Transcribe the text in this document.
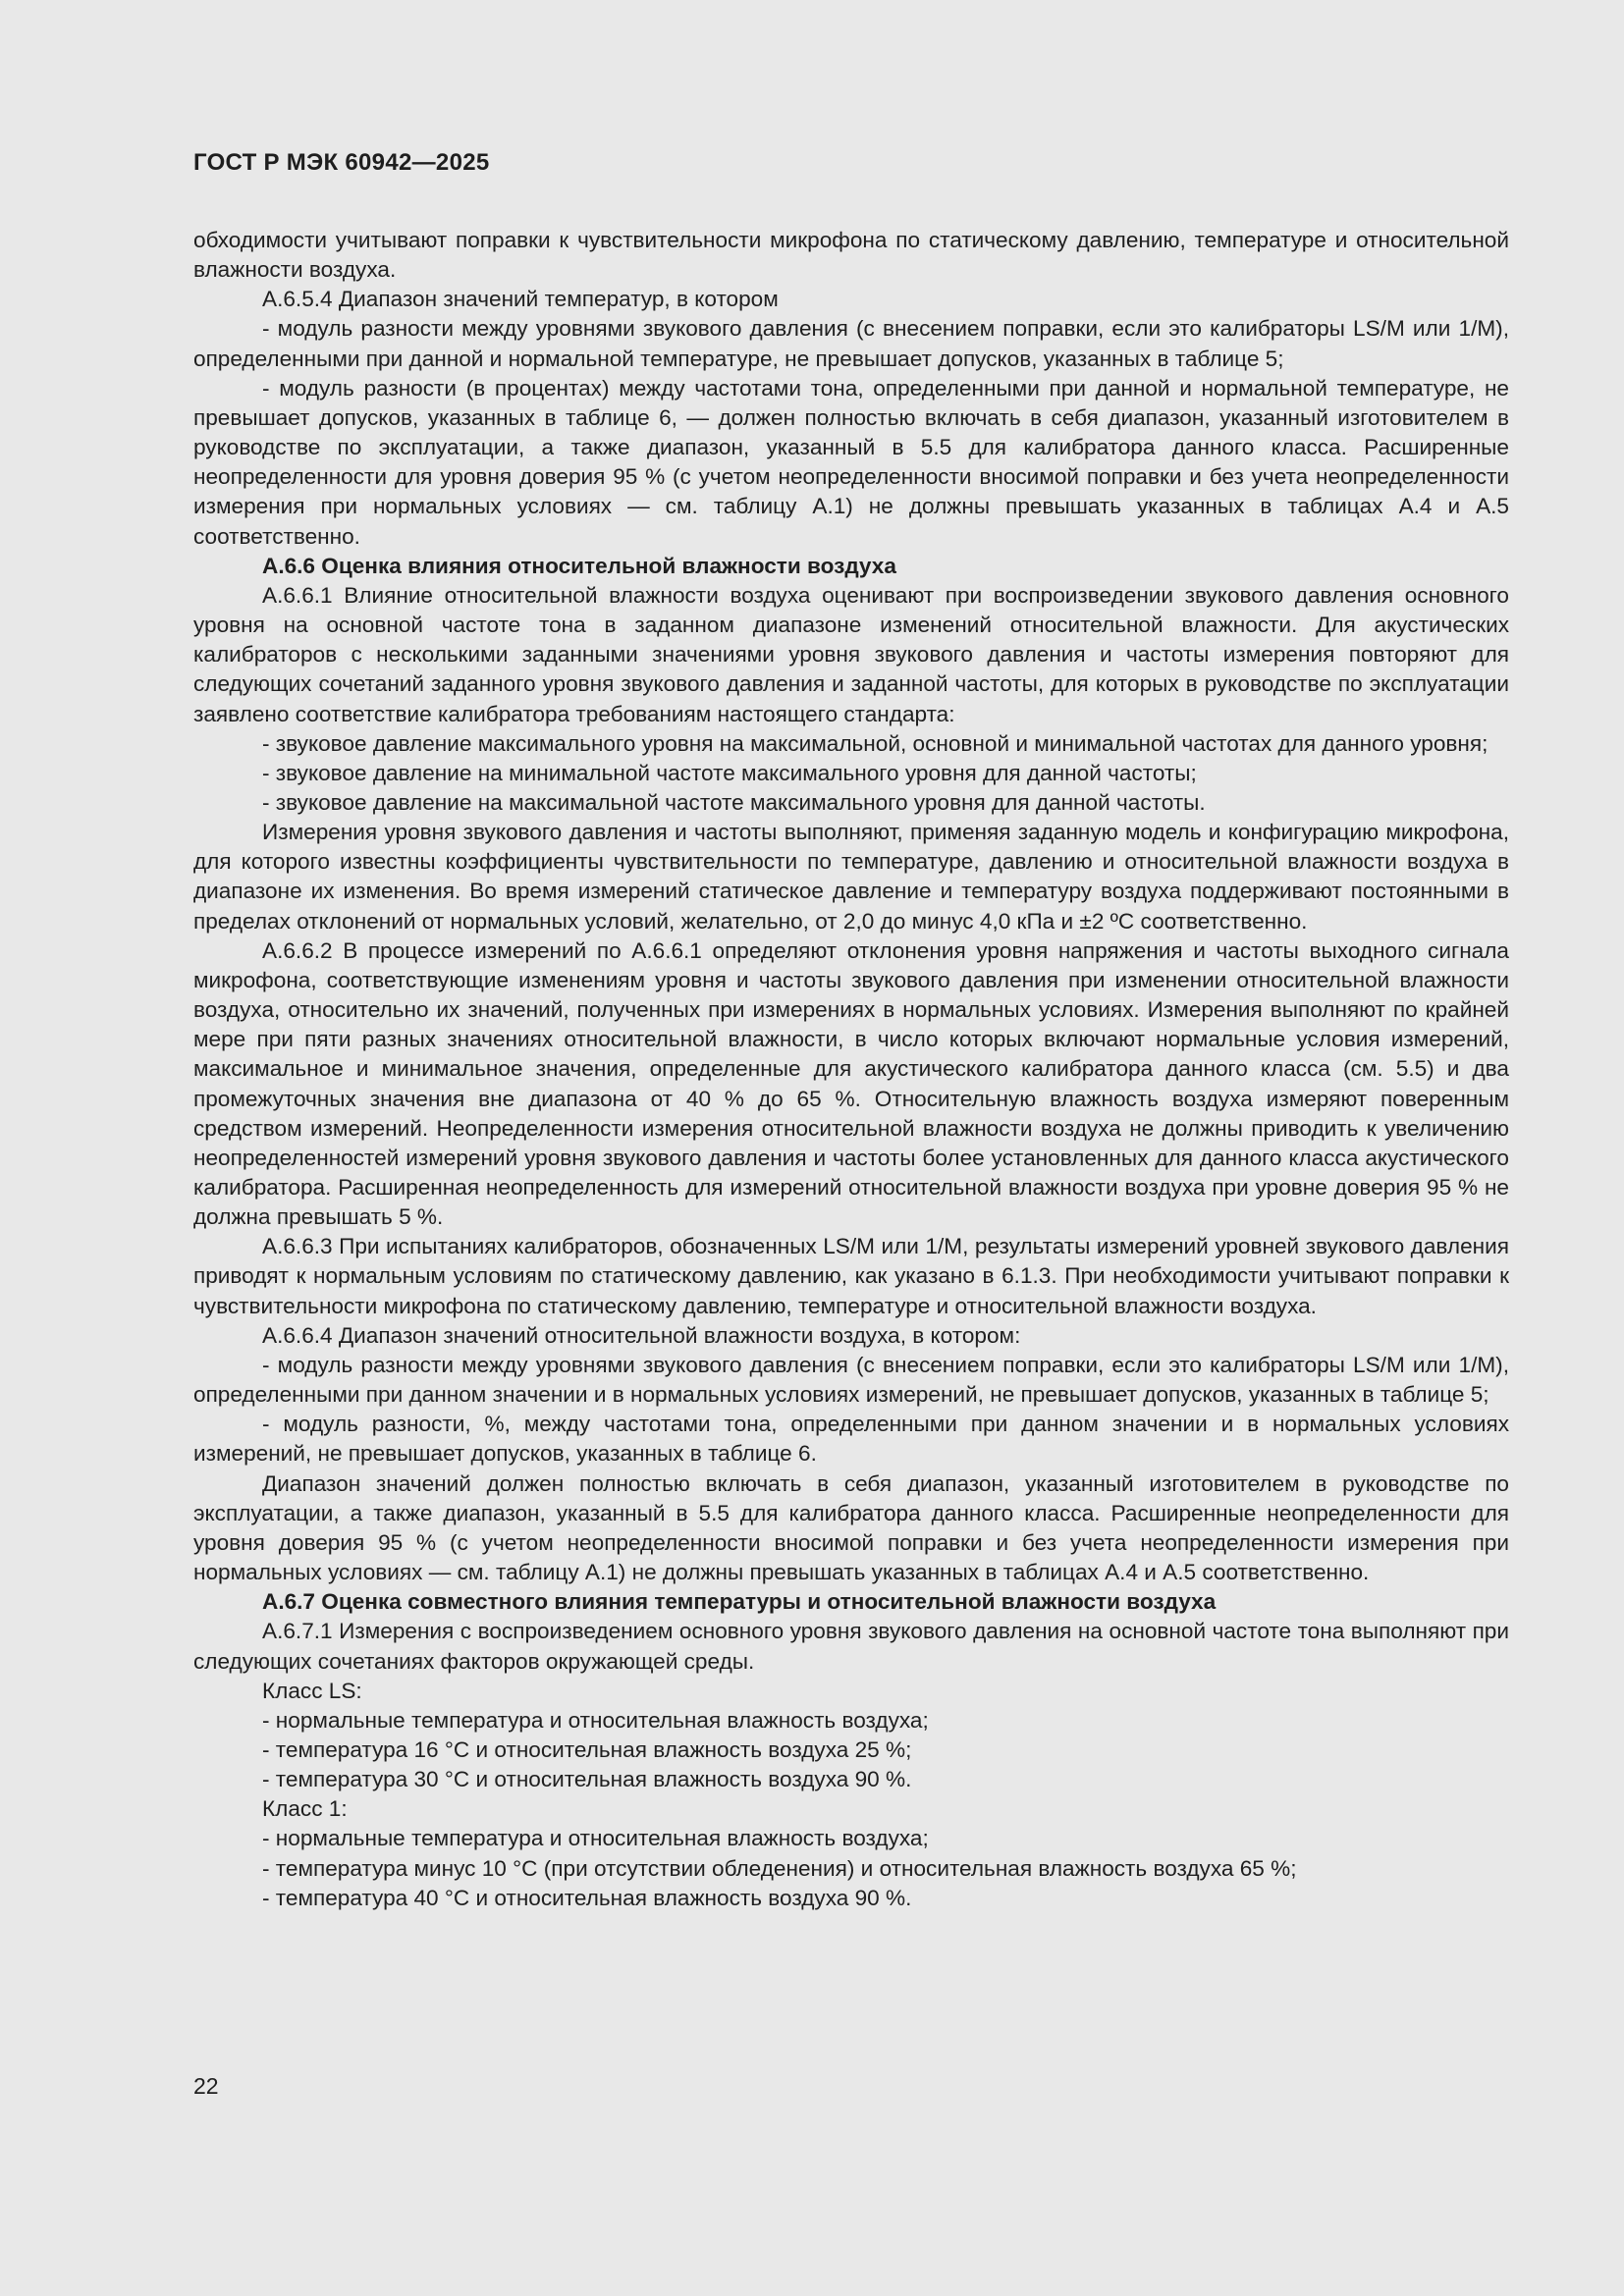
ГОСТ Р МЭК 60942—2025

обходимости учитывают поправки к чувствительности микрофона по статическому давлению, температуре и относительной влажности воздуха.

А.6.5.4 Диапазон значений температур, в котором

- модуль разности между уровнями звукового давления (с внесением поправки, если это калибраторы LS/M или 1/M), определенными при данной и нормальной температуре, не превышает допусков, указанных в таблице 5;

- модуль разности (в процентах) между частотами тона, определенными при данной и нормальной температуре, не превышает допусков, указанных в таблице 6, — должен полностью включать в себя диапазон, указанный изготовителем в руководстве по эксплуатации, а также диапазон, указанный в 5.5 для калибратора данного класса. Расширенные неопределенности для уровня доверия 95 % (с учетом неопределенности вносимой поправки и без учета неопределенности измерения при нормальных условиях — см. таблицу А.1) не должны превышать указанных в таблицах А.4 и А.5 соответственно.

А.6.6 Оценка влияния относительной влажности воздуха

А.6.6.1 Влияние относительной влажности воздуха оценивают при воспроизведении звукового давления основного уровня на основной частоте тона в заданном диапазоне изменений относительной влажности. Для акустических калибраторов с несколькими заданными значениями уровня звукового давления и частоты измерения повторяют для следующих сочетаний заданного уровня звукового давления и заданной частоты, для которых в руководстве по эксплуатации заявлено соответствие калибратора требованиям настоящего стандарта:

- звуковое давление максимального уровня на максимальной, основной и минимальной частотах для данного уровня;

- звуковое давление на минимальной частоте максимального уровня для данной частоты;

- звуковое давление на максимальной частоте максимального уровня для данной частоты.

Измерения уровня звукового давления и частоты выполняют, применяя заданную модель и конфигурацию микрофона, для которого известны коэффициенты чувствительности по температуре, давлению и относительной влажности воздуха в диапазоне их изменения. Во время измерений статическое давление и температуру воздуха поддерживают постоянными в пределах отклонений от нормальных условий, желательно, от 2,0 до минус 4,0 кПа и ±2 ºС соответственно.

А.6.6.2 В процессе измерений по А.6.6.1 определяют отклонения уровня напряжения и частоты выходного сигнала микрофона, соответствующие изменениям уровня и частоты звукового давления при изменении относительной влажности воздуха, относительно их значений, полученных при измерениях в нормальных условиях. Измерения выполняют по крайней мере при пяти разных значениях относительной влажности, в число которых включают нормальные условия измерений, максимальное и минимальное значения, определенные для акустического калибратора данного класса (см. 5.5) и два промежуточных значения вне диапазона от 40 % до 65 %. Относительную влажность воздуха измеряют поверенным средством измерений. Неопределенности измерения относительной влажности воздуха не должны приводить к увеличению неопределенностей измерений уровня звукового давления и частоты более установленных для данного класса акустического калибратора. Расширенная неопределенность для измерений относительной влажности воздуха при уровне доверия 95 % не должна превышать 5 %.

А.6.6.3 При испытаниях калибраторов, обозначенных LS/M или 1/M, результаты измерений уровней звукового давления приводят к нормальным условиям по статическому давлению, как указано в 6.1.3. При необходимости учитывают поправки к чувствительности микрофона по статическому давлению, температуре и относительной влажности воздуха.

А.6.6.4 Диапазон значений относительной влажности воздуха, в котором:

- модуль разности между уровнями звукового давления (с внесением поправки, если это калибраторы LS/M или 1/M), определенными при данном значении и в нормальных условиях измерений, не превышает допусков, указанных в таблице 5;

- модуль разности, %, между частотами тона, определенными при данном значении и в нормальных условиях измерений, не превышает допусков, указанных в таблице 6.

Диапазон значений должен полностью включать в себя диапазон, указанный изготовителем в руководстве по эксплуатации, а также диапазон, указанный в 5.5 для калибратора данного класса. Расширенные неопределенности для уровня доверия 95 % (с учетом неопределенности вносимой поправки и без учета неопределенности измерения при нормальных условиях — см. таблицу А.1) не должны превышать указанных в таблицах А.4 и А.5 соответственно.

А.6.7 Оценка совместного влияния температуры и относительной влажности воздуха

А.6.7.1 Измерения с воспроизведением основного уровня звукового давления на основной частоте тона выполняют при следующих сочетаниях факторов окружающей среды.

Класс LS:

- нормальные температура и относительная влажность воздуха;

- температура 16 °С и относительная влажность воздуха 25 %;

- температура 30 °С и относительная влажность воздуха 90 %.

Класс 1:

- нормальные температура и относительная влажность воздуха;

- температура минус 10 °С (при отсутствии обледенения) и относительная влажность воздуха 65 %;

- температура 40 °С и относительная влажность воздуха 90 %.

22
